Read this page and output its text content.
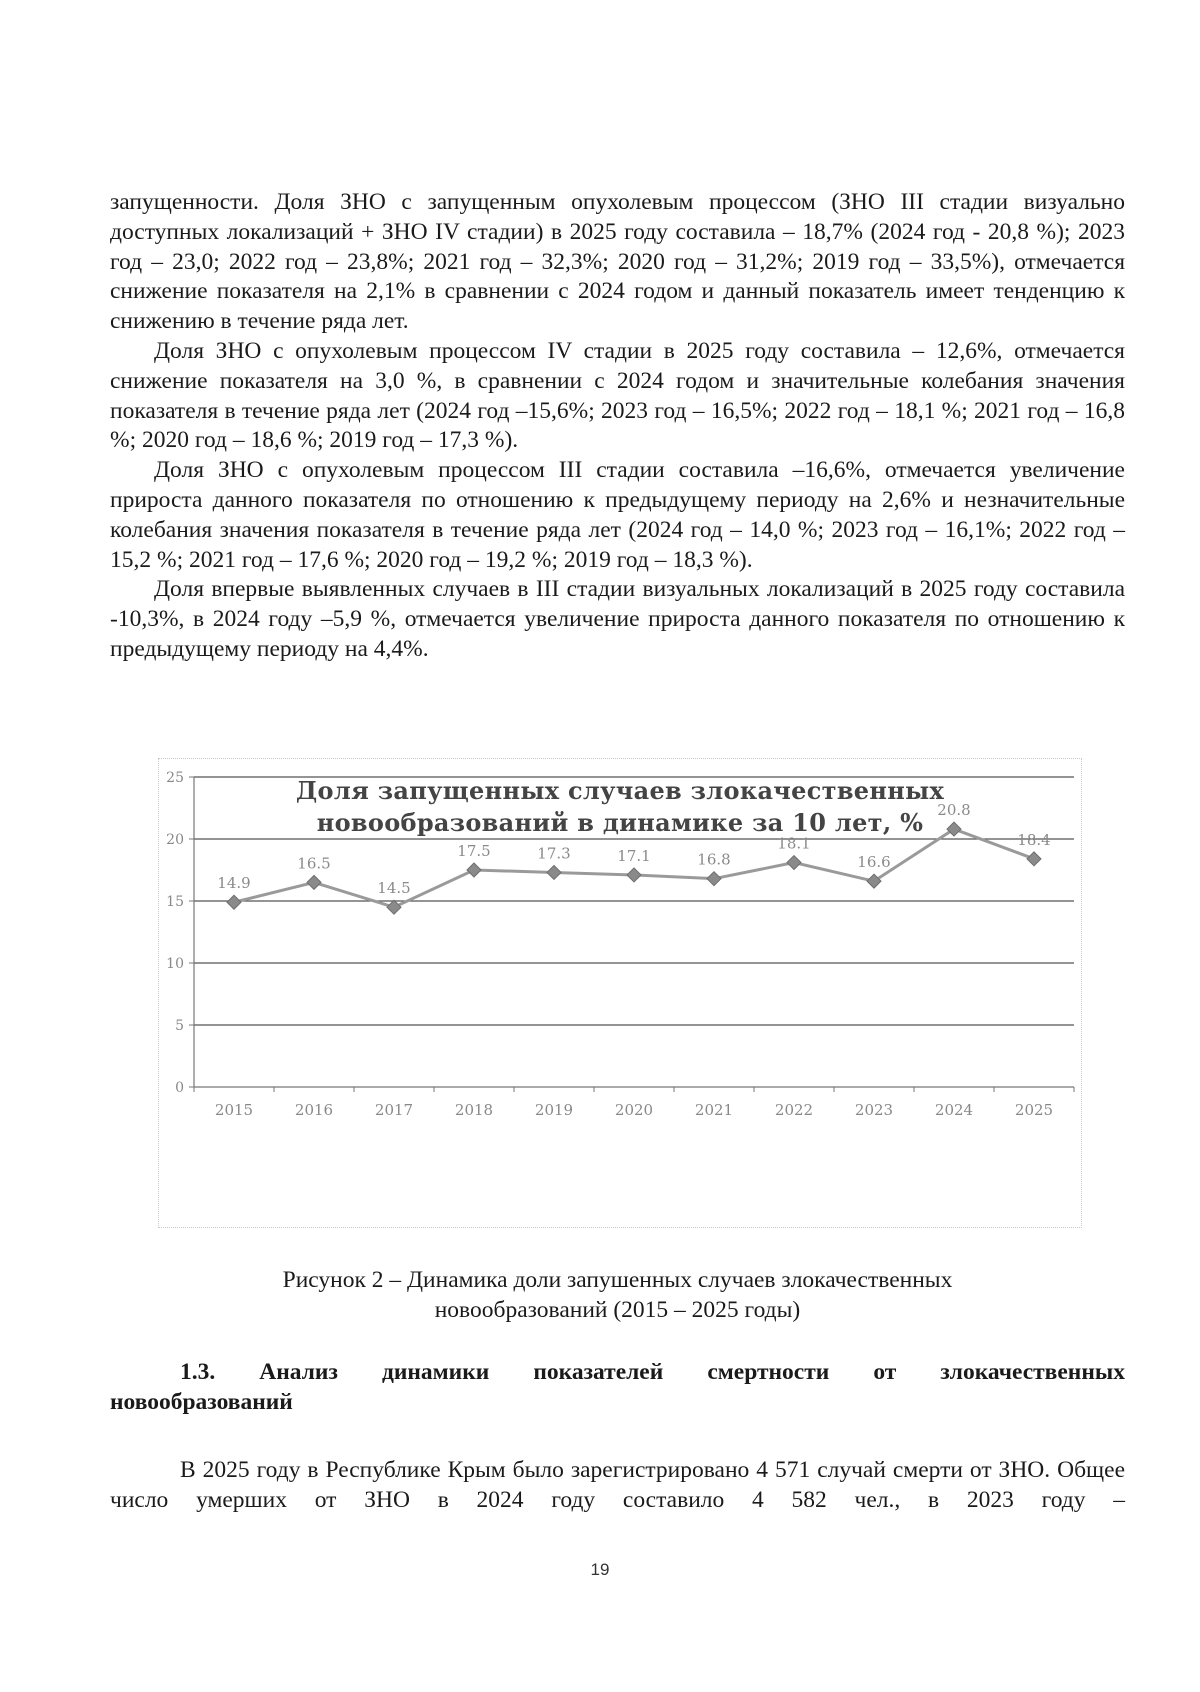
запущенности. Доля ЗНО с запущенным опухолевым процессом (ЗНО III стадии визуально доступных локализаций + ЗНО IV стадии) в 2025 году составила – 18,7% (2024 год - 20,8 %); 2023 год – 23,0; 2022 год – 23,8%; 2021 год – 32,3%; 2020 год – 31,2%; 2019 год – 33,5%), отмечается снижение показателя на 2,1% в сравнении с 2024 годом и данный показатель имеет тенденцию к снижению в течение ряда лет.

Доля ЗНО с опухолевым процессом IV стадии в 2025 году составила – 12,6%, отмечается снижение показателя на 3,0 %, в сравнении с 2024 годом и значительные колебания значения показателя в течение ряда лет (2024 год –15,6%; 2023 год – 16,5%; 2022 год – 18,1 %; 2021 год – 16,8 %; 2020 год – 18,6 %; 2019 год – 17,3 %).

Доля ЗНО с опухолевым процессом III стадии составила –16,6%, отмечается увеличение прироста данного показателя по отношению к предыдущему периоду на 2,6% и незначительные колебания значения показателя в течение ряда лет (2024 год – 14,0 %; 2023 год – 16,1%; 2022 год – 15,2 %; 2021 год – 17,6 %; 2020 год – 19,2 %; 2019 год – 18,3 %).

Доля впервые выявленных случаев в III стадии визуальных локализаций в 2025 году составила -10,3%, в 2024 году –5,9 %, отмечается увеличение прироста данного показателя по отношению к предыдущему периоду на 4,4%.

0
5
10
15
20
25
2015	2016	2017	2018	2019	2020	2021	2022	2023	2024	2025
14.9
16.5
14.5
17.5	17.3	17.1	16.8
18.1
16.6
20.8
18.4
Доля запущенных случаев злокачественных
новообразований в динамике за 10 лет, %
Рисунок 2 – Динамика доли запушенных случаев злокачественных
новообразований (2015 – 2025 годы)
1.3. Анализ динамики показателей смертности от злокачественных
новообразований

В 2025 году в Республике Крым было зарегистрировано 4 571 случай смерти от ЗНО. Общее число умерших от ЗНО в 2024 году составило 4 582 чел., в 2023 году –

19
